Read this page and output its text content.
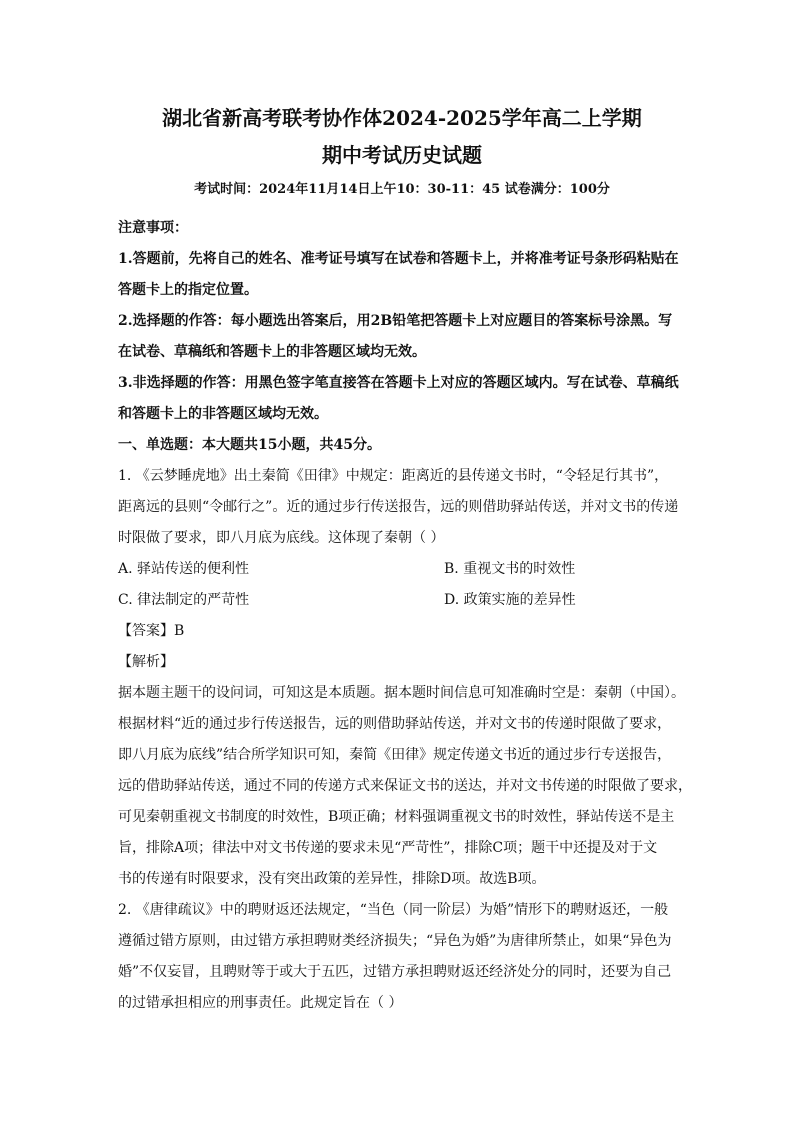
湖北省新高考联考协作体2024-2025学年高二上学期

期中考试历史试题

考试时间：2024年11月14日上午10：30-11：45 试卷满分：100分

注意事项：

1.答题前，先将自己的姓名、准考证号填写在试卷和答题卡上，并将准考证号条形码粘贴在

答题卡上的指定位置。

2.选择题的作答：每小题选出答案后，用2B铅笔把答题卡上对应题目的答案标号涂黑。写

在试卷、草稿纸和答题卡上的非答题区域均无效。

3.非选择题的作答：用黑色签字笔直接答在答题卡上对应的答题区域内。写在试卷、草稿纸

和答题卡上的非答题区域均无效。

一、单选题：本大题共15小题，共45分。

1. 《云梦睡虎地》出土秦简《田律》中规定：距离近的县传递文书时，“令轻足行其书”，

距离远的县则“令邮行之”。近的通过步行传送报告，远的则借助驿站传送，并对文书的传递

时限做了要求，即八月底为底线。这体现了秦朝（ ）

A. 驿站传送的便利性	B. 重视文书的时效性
C. 律法制定的严苛性	D. 政策实施的差异性

【答案】B

【解析】

据本题主题干的设问词，可知这是本质题。据本题时间信息可知准确时空是：秦朝（中国）。

根据材料“近的通过步行传送报告，远的则借助驿站传送，并对文书的传递时限做了要求，

即八月底为底线”结合所学知识可知，秦简《田律》规定传递文书近的通过步行专送报告，

远的借助驿站传送，通过不同的传递方式来保证文书的送达，并对文书传递的时限做了要求，

可见秦朝重视文书制度的时效性，B项正确；材料强调重视文书的时效性，驿站传送不是主

旨，排除A项；律法中对文书传递的要求未见“严苛性”，排除C项；题干中还提及对于文

书的传递有时限要求，没有突出政策的差异性，排除D项。故选B项。

2. 《唐律疏议》中的聘财返还法规定，“当色（同一阶层）为婚”情形下的聘财返还，一般

遵循过错方原则，由过错方承担聘财类经济损失；“异色为婚”为唐律所禁止，如果“异色为

婚”不仅妄冒，且聘财等于或大于五匹，过错方承担聘财返还经济处分的同时，还要为自己

的过错承担相应的刑事责任。此规定旨在（ ）
